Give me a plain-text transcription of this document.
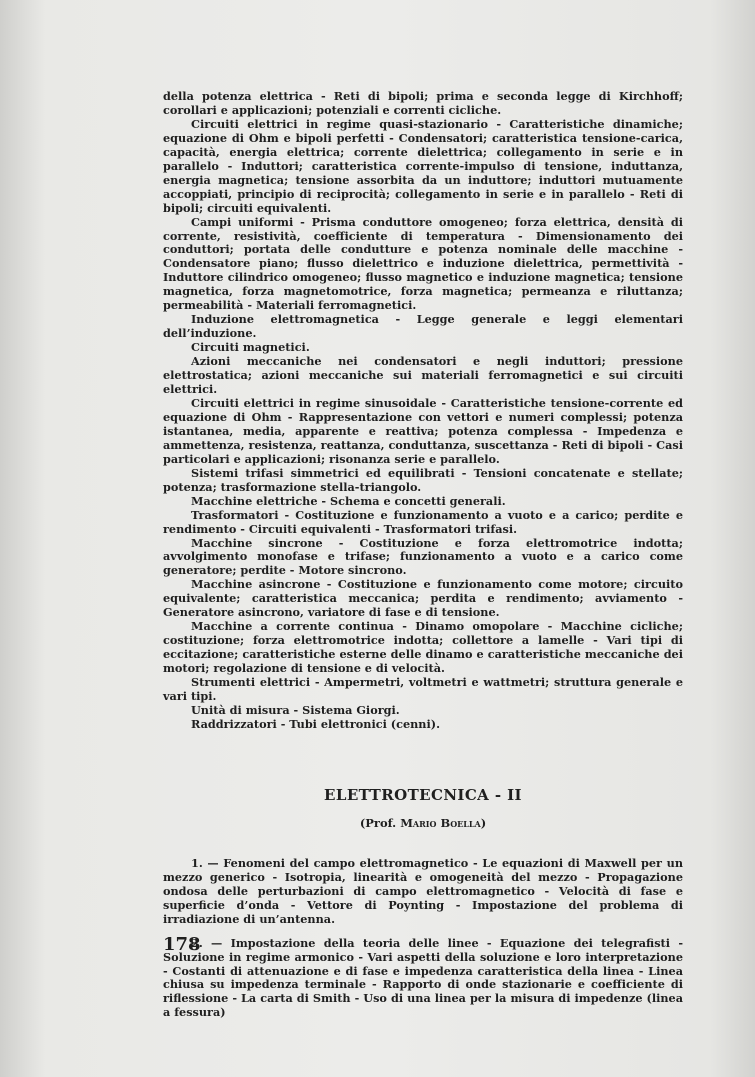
della potenza elettrica - Reti di bipoli; prima e seconda legge di Kirchhoff; corollari e applicazioni; potenziali e correnti cicliche.

Circuiti elettrici in regime quasi-stazionario - Caratteristiche dinamiche; equazione di Ohm e bipoli perfetti - Condensatori; caratteristica tensione-carica, capacità, energia elettrica; corrente dielettrica; collegamento in serie e in parallelo - Induttori; caratteristica corrente-impulso di tensione, induttanza, energia magnetica; tensione assorbita da un induttore; induttori mutuamente accoppiati, principio di reciprocità; collegamento in serie e in parallelo - Reti di bipoli; circuiti equivalenti.

Campi uniformi - Prisma conduttore omogeneo; forza elettrica, densità di corrente, resistività, coefficiente di temperatura - Dimensionamento dei conduttori; portata delle condutture e potenza nominale delle macchine - Condensatore piano; flusso dielettrico e induzione dielettrica, permettività - Induttore cilindrico omogeneo; flusso magnetico e induzione magnetica; tensione magnetica, forza magnetomotrice, forza magnetica; permeanza e riluttanza; permeabilità - Materiali ferromagnetici.

Induzione elettromagnetica - Legge generale e leggi elementari dell’induzione.

Circuiti magnetici.

Azioni meccaniche nei condensatori e negli induttori; pressione elettrostatica; azioni meccaniche sui materiali ferromagnetici e sui circuiti elettrici.

Circuiti elettrici in regime sinusoidale - Caratteristiche tensione-corrente ed equazione di Ohm - Rappresentazione con vettori e numeri complessi; potenza istantanea, media, apparente e reattiva; potenza complessa - Impedenza e ammettenza, resistenza, reattanza, conduttanza, suscettanza - Reti di bipoli - Casi particolari e applicazioni; risonanza serie e parallelo.

Sistemi trifasi simmetrici ed equilibrati - Tensioni concatenate e stellate; potenza; trasformazione stella-triangolo.

Macchine elettriche - Schema e concetti generali.

Trasformatori - Costituzione e funzionamento a vuoto e a carico; perdite e rendimento - Circuiti equivalenti - Trasformatori trifasi.

Macchine sincrone - Costituzione e forza elettromotrice indotta; avvolgimento monofase e trifase; funzionamento a vuoto e a carico come generatore; perdite - Motore sincrono.

Macchine asincrone - Costituzione e funzionamento come motore; circuito equivalente; caratteristica meccanica; perdita e rendimento; avviamento - Generatore asincrono, variatore di fase e di tensione.

Macchine a corrente continua - Dinamo omopolare - Macchine cicliche; costituzione; forza elettromotrice indotta; collettore a lamelle - Vari tipi di eccitazione; caratteristiche esterne delle dinamo e caratteristiche meccaniche dei motori; regolazione di tensione e di velocità.

Strumenti elettrici - Ampermetri, voltmetri e wattmetri; struttura generale e vari tipi.

Unità di misura - Sistema Giorgi.

Raddrizzatori - Tubi elettronici (cenni).

ELETTROTECNICA - II
(Prof. Mario Boella)

1. — Fenomeni del campo elettromagnetico - Le equazioni di Maxwell per un mezzo generico - Isotropia, linearità e omogeneità del mezzo - Propagazione ondosa delle perturbazioni di campo elettromagnetico - Velocità di fase e superficie d’onda - Vettore di Poynting - Impostazione del problema di irradiazione di un’antenna.

2. — Impostazione della teoria delle linee - Equazione dei telegrafisti - Soluzione in regime armonico - Vari aspetti della soluzione e loro interpretazione - Costanti di attenuazione e di fase e impedenza caratteristica della linea - Linea chiusa su impedenza terminale - Rapporto di onde stazionarie e coefficiente di riflessione - La carta di Smith - Uso di una linea per la misura di impedenze (linea a fessura)

178
